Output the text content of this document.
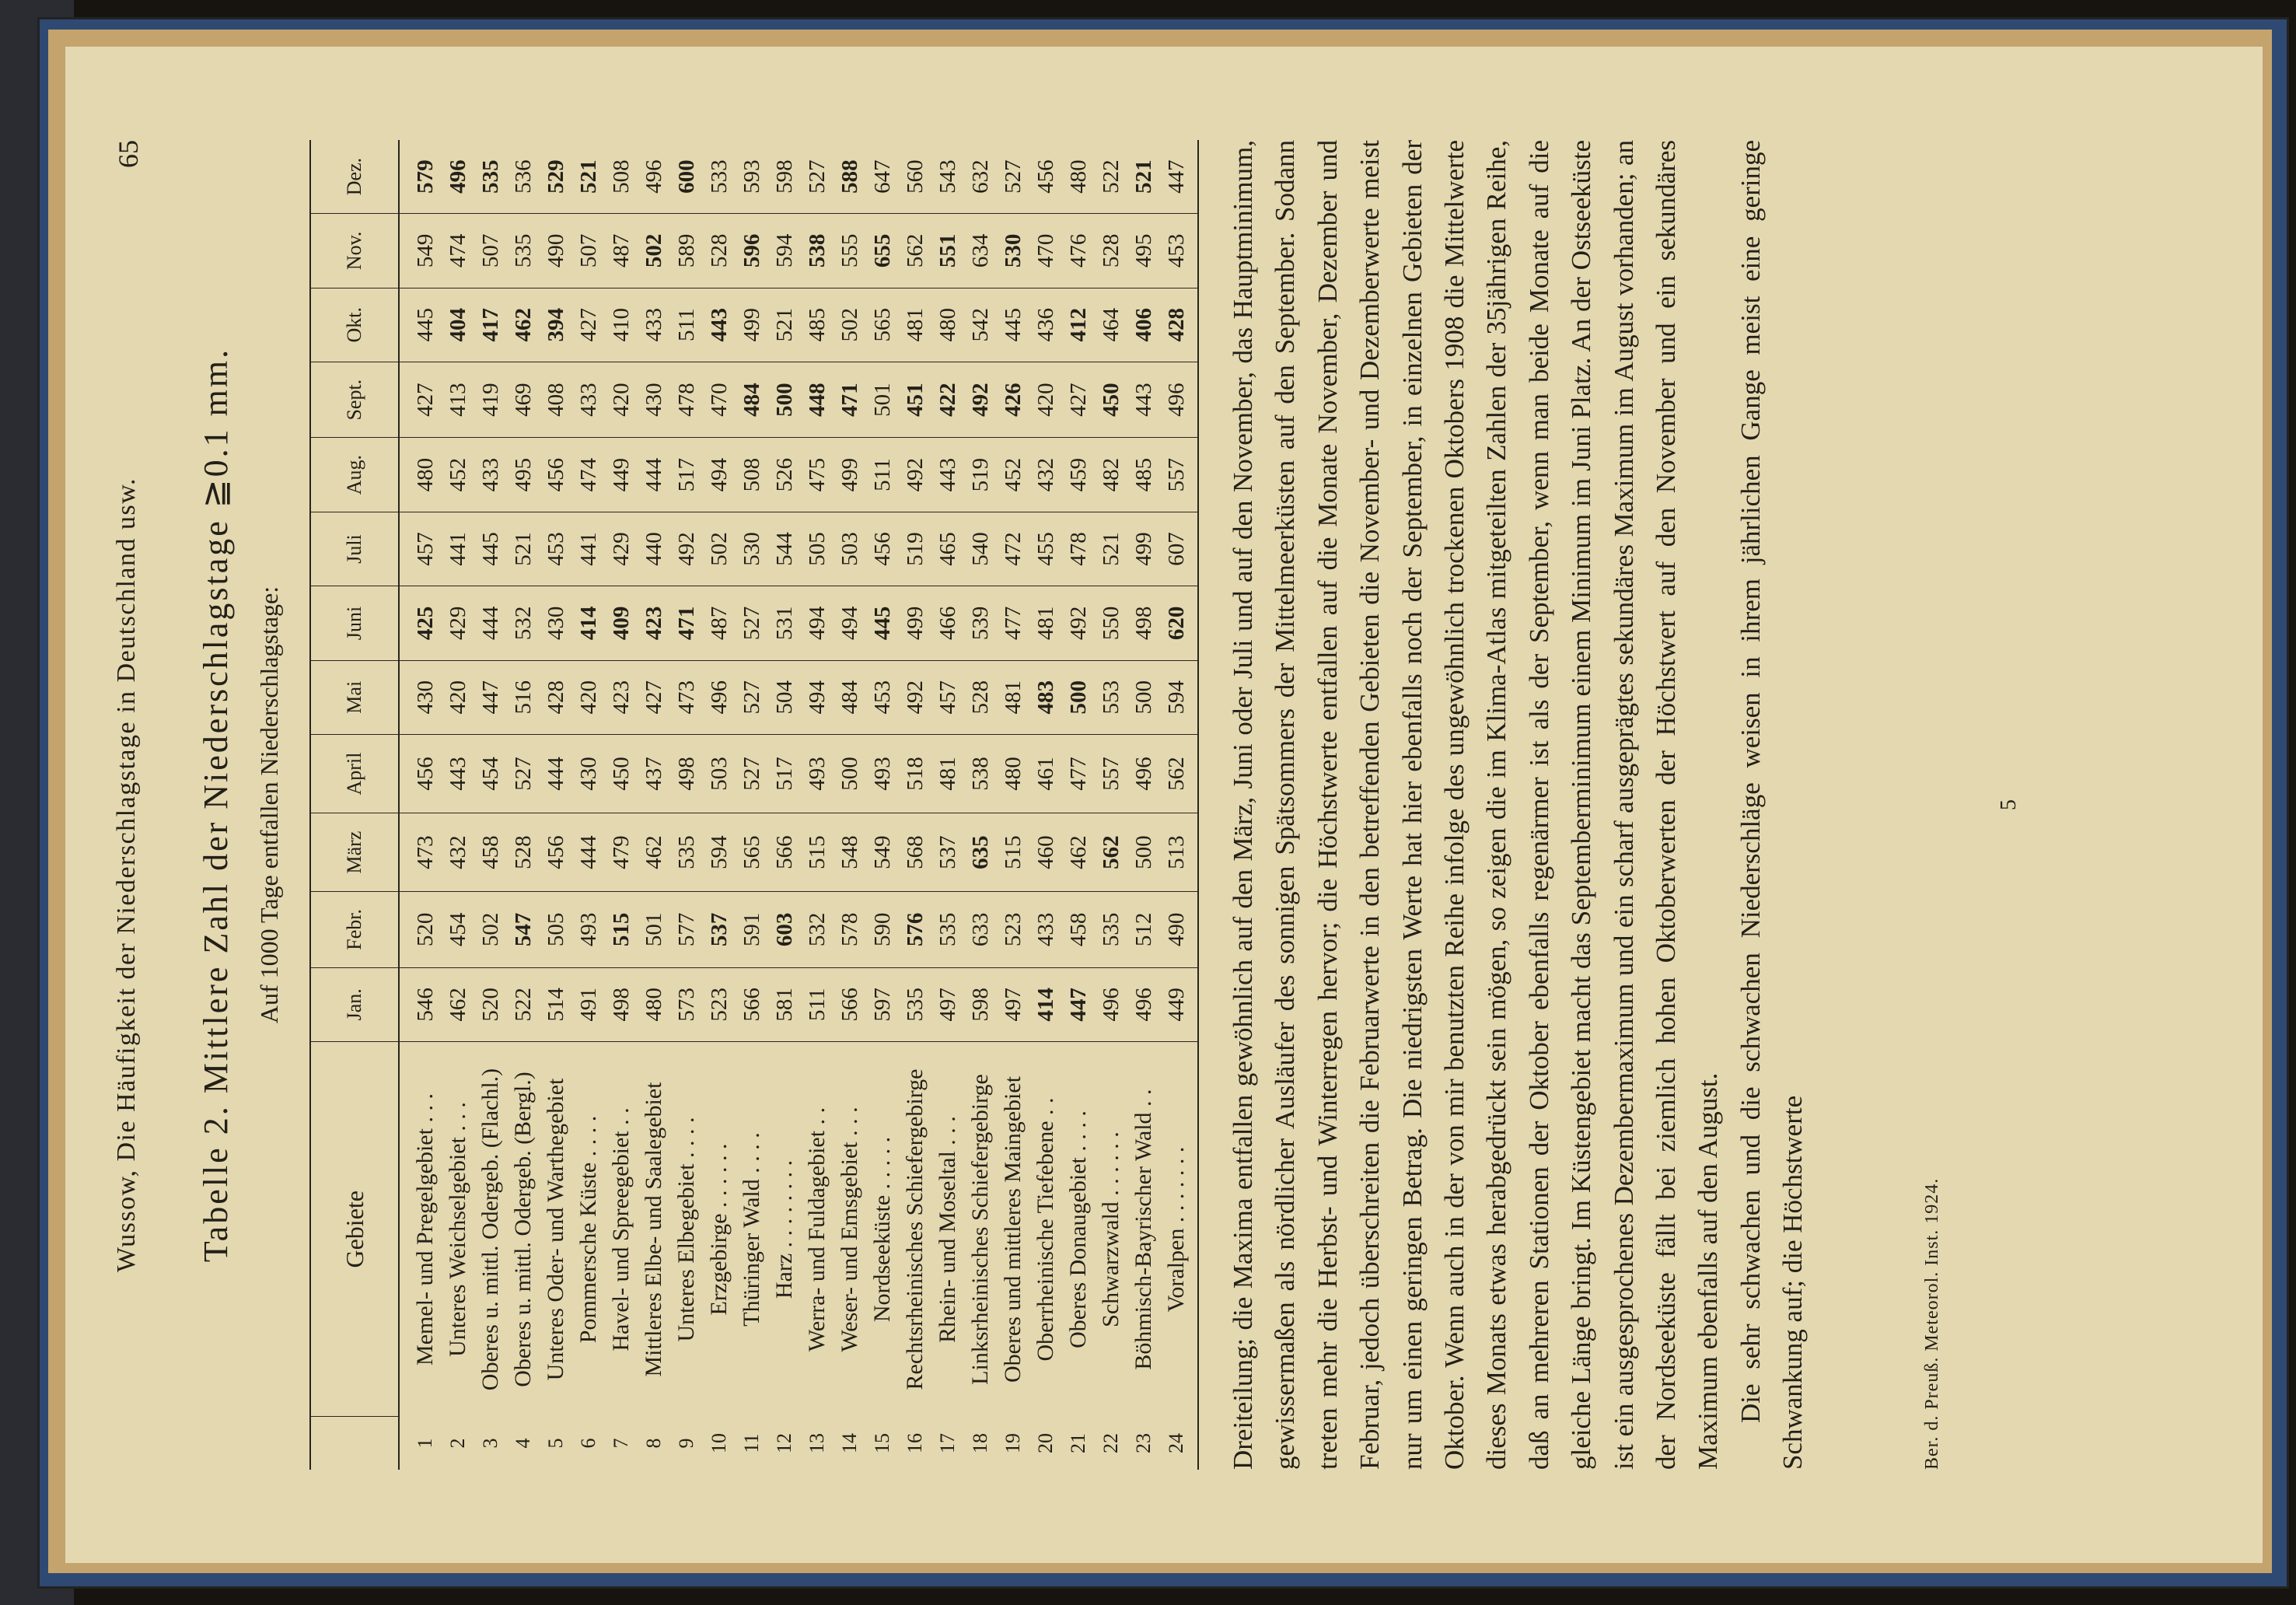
Wussow, Die Häufigkeit der Niederschlagstage in Deutschland usw.
65
Tabelle 2. Mittlere Zahl der Niederschlagstage ≧0.1 mm. Auf 1000 Tage entfallen Niederschlagstage:
	Gebiete	Jan.	Febr.	März	April	Mai	Juni	Juli	Aug.	Sept.	Okt.	Nov.	Dez.
1	Memel- und Pregelgebiet . . .	546	520	473	456	430	425	457	480	427	445	549	579
2	Unteres Weichselgebiet . . .	462	454	432	443	420	429	441	452	413	404	474	496
3	Oberes u. mittl. Odergeb. (Flachl.)	520	502	458	454	447	444	445	433	419	417	507	535
4	Oberes u. mittl. Odergeb. (Bergl.)	522	547	528	527	516	532	521	495	469	462	535	536
5	Unteres Oder- und Warthegebiet	514	505	456	444	428	430	453	456	408	394	490	529
6	Pommersche Küste . . . .	491	493	444	430	420	414	441	474	433	427	507	521
7	Havel- und Spreegebiet . .	498	515	479	450	423	409	429	449	420	410	487	508
8	Mittleres Elbe- und Saalegebiet	480	501	462	437	427	423	440	444	430	433	502	496
9	Unteres Elbegebiet . . . .	573	577	535	498	473	471	492	517	478	511	589	600
10	Erzgebirge . . . . . .	523	537	594	503	496	487	502	494	470	443	528	533
11	Thüringer Wald . . . .	566	591	565	527	527	527	530	508	484	499	596	593
12	Harz . . . . . . . .	581	603	566	517	504	531	544	526	500	521	594	598
13	Werra- und Fuldagebiet . .	511	532	515	493	494	494	505	475	448	485	538	527
14	Weser- und Emsgebiet . . .	566	578	548	500	484	494	503	499	471	502	555	588
15	Nordseeküste . . . . .	597	590	549	493	453	445	456	511	501	565	655	647
16	Rechtsrheinisches Schiefergebirge	535	576	568	518	492	499	519	492	451	481	562	560
17	Rhein- und Moseltal . . .	497	535	537	481	457	466	465	443	422	480	551	543
18	Linksrheinisches Schiefergebirge	598	633	635	538	528	539	540	519	492	542	634	632
19	Oberes und mittleres Maingebiet	497	523	515	480	481	477	472	452	426	445	530	527
20	Oberrheinische Tiefebene . .	414	433	460	461	483	481	455	432	420	436	470	456
21	Oberes Donaugebiet . . . .	447	458	462	477	500	492	478	459	427	412	476	480
22	Schwarzwald . . . . . .	496	535	562	557	553	550	521	482	450	464	528	522
23	Böhmisch-Bayrischer Wald . .	496	512	500	496	500	498	499	485	443	406	495	521
24	Voralpen . . . . . . .	449	490	513	562	594	620	607	557	496	428	453	447 Dreiteilung; die Maxima entfallen gewöhnlich auf den März, Juni oder Juli und auf den November, das Hauptminimum, gewissermaßen als nördlicher Ausläufer des sonnigen Spätsommers der Mittelmeerküsten auf den September. Sodann treten mehr die Herbst- und Winterregen hervor; die Höchstwerte entfallen auf die Monate November, Dezember und Februar, jedoch überschreiten die Februarwerte in den betreffenden Gebieten die November- und Dezemberwerte meist nur um einen geringen Betrag. Die niedrigsten Werte hat hier ebenfalls noch der September, in einzelnen Gebieten der Oktober. Wenn auch in der von mir benutzten Reihe infolge des ungewöhnlich trockenen Oktobers 1908 die Mittelwerte dieses Monats etwas herabgedrückt sein mögen, so zeigen die im Klima-Atlas mitgeteilten Zahlen der 35jährigen Reihe, daß an mehreren Stationen der Oktober ebenfalls regenärmer ist als der September, wenn man beide Monate auf die gleiche Länge bringt. Im Küstengebiet macht das Septemberminimum einem Minimum im Juni Platz. An der Ostseeküste ist ein ausgesprochenes Dezembermaximum und ein scharf ausgeprägtes sekundäres Maximum im August vorhanden; an der Nordseeküste fällt bei ziemlich hohen Oktoberwerten der Höchstwert auf den November und ein sekundäres Maximum ebenfalls auf den August. Die sehr schwachen und die schwachen Niederschläge weisen in ihrem jährlichen Gange meist eine geringe Schwankung auf; die Höchstwerte	Ber. d. Preuß. Meteorol. Inst. 1924.
5
